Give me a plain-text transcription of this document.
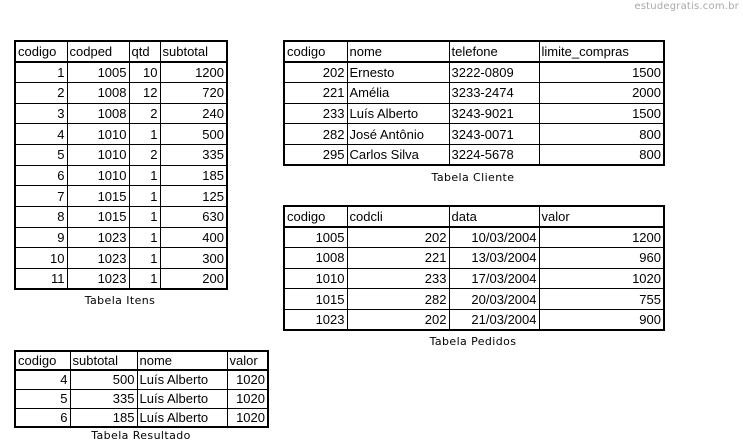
estudegratis.com.br
codigo	codped	qtd	subtotal
1	1005	10	1200
2	1008	12	720
3	1008	2	240
4	1010	1	500
5	1010	2	335
6	1010	1	185
7	1015	1	125
8	1015	1	630
9	1023	1	400
10	1023	1	300
11	1023	1	200
Tabela Itens
codigo	nome	telefone	limite_compras
202	Ernesto	3222-0809	1500
221	Amélia	3233-2474	2000
233	Luís Alberto	3243-9021	1500
282	José Antônio	3243-0071	800
295	Carlos Silva	3224-5678	800
Tabela Cliente
codigo	codcli	data	valor
1005	202	10/03/2004	1200
1008	221	13/03/2004	960
1010	233	17/03/2004	1020
1015	282	20/03/2004	755
1023	202	21/03/2004	900
Tabela Pedidos
codigo	subtotal	nome	valor
4	500	Luís Alberto	1020
5	335	Luís Alberto	1020
6	185	Luís Alberto	1020
Tabela Resultado
